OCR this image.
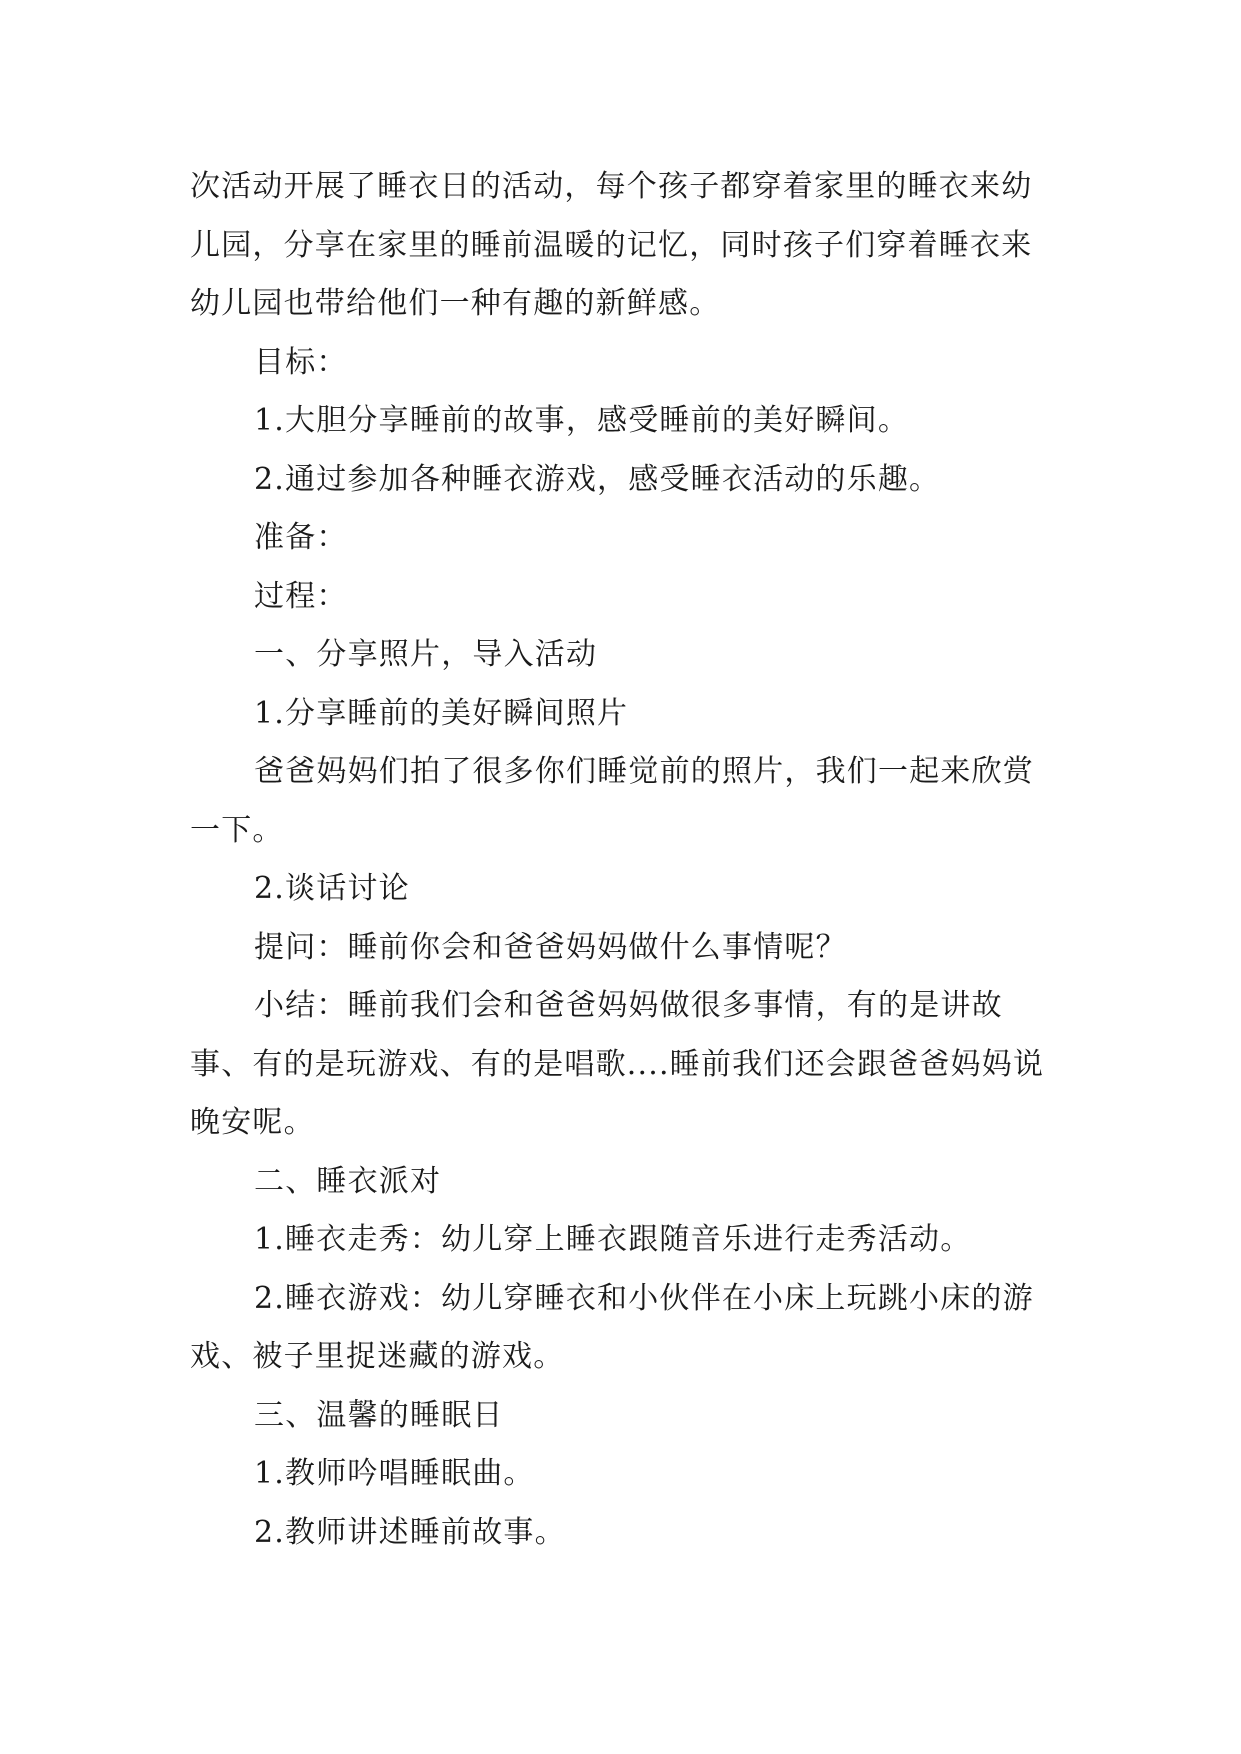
次活动开展了睡衣日的活动，每个孩子都穿着家里的睡衣来幼儿园，分享在家里的睡前温暖的记忆，同时孩子们穿着睡衣来幼儿园也带给他们一种有趣的新鲜感。

目标：

1.大胆分享睡前的故事，感受睡前的美好瞬间。

2.通过参加各种睡衣游戏，感受睡衣活动的乐趣。

准备：

过程：

一、分享照片，导入活动

1.分享睡前的美好瞬间照片

爸爸妈妈们拍了很多你们睡觉前的照片，我们一起来欣赏一下。

2.谈话讨论

提问：睡前你会和爸爸妈妈做什么事情呢？

小结：睡前我们会和爸爸妈妈做很多事情，有的是讲故事、有的是玩游戏、有的是唱歌....睡前我们还会跟爸爸妈妈说晚安呢。

二、睡衣派对

1.睡衣走秀：幼儿穿上睡衣跟随音乐进行走秀活动。

2.睡衣游戏：幼儿穿睡衣和小伙伴在小床上玩跳小床的游戏、被子里捉迷藏的游戏。

三、温馨的睡眠日

1.教师吟唱睡眠曲。

2.教师讲述睡前故事。
